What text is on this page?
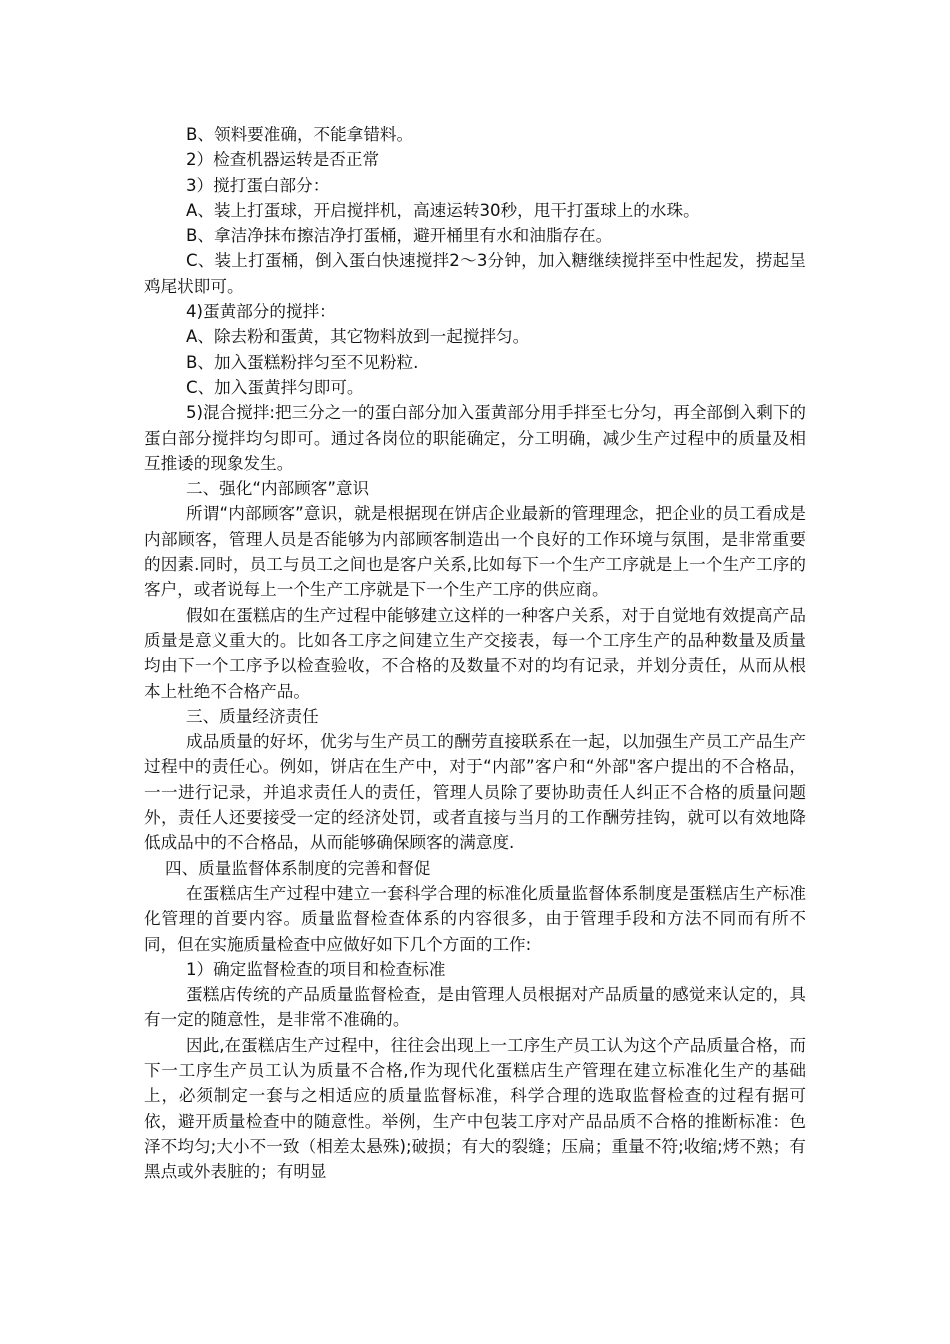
B、领料要准确，不能拿错料。

2）检查机器运转是否正常

3）搅打蛋白部分：

A、装上打蛋球，开启搅拌机，高速运转30秒，甩干打蛋球上的水珠。

B、拿洁净抹布擦洁净打蛋桶，避开桶里有水和油脂存在。

C、装上打蛋桶，倒入蛋白快速搅拌2～3分钟，加入糖继续搅拌至中性起发，捞起呈鸡尾状即可。

4)蛋黄部分的搅拌：

A、除去粉和蛋黄，其它物料放到一起搅拌匀。

B、加入蛋糕粉拌匀至不见粉粒.

C、加入蛋黄拌匀即可。

5)混合搅拌:把三分之一的蛋白部分加入蛋黄部分用手拌至七分匀，再全部倒入剩下的蛋白部分搅拌均匀即可。通过各岗位的职能确定，分工明确，减少生产过程中的质量及相互推诿的现象发生。

二、强化“内部顾客”意识

所谓“内部顾客”意识，就是根据现在饼店企业最新的管理理念，把企业的员工看成是内部顾客，管理人员是否能够为内部顾客制造出一个良好的工作环境与氛围，是非常重要的因素.同时，员工与员工之间也是客户关系,比如每下一个生产工序就是上一个生产工序的客户，或者说每上一个生产工序就是下一个生产工序的供应商。

假如在蛋糕店的生产过程中能够建立这样的一种客户关系，对于自觉地有效提高产品质量是意义重大的。比如各工序之间建立生产交接表，每一个工序生产的品种数量及质量均由下一个工序予以检查验收，不合格的及数量不对的均有记录，并划分责任，从而从根本上杜绝不合格产品。

三、质量经济责任

成品质量的好坏，优劣与生产员工的酬劳直接联系在一起，以加强生产员工产品生产过程中的责任心。例如，饼店在生产中，对于“内部”客户和“外部"客户提出的不合格品，一一进行记录，并追求责任人的责任，管理人员除了要协助责任人纠正不合格的质量问题外，责任人还要接受一定的经济处罚，或者直接与当月的工作酬劳挂钩，就可以有效地降低成品中的不合格品，从而能够确保顾客的满意度.

四、质量监督体系制度的完善和督促

在蛋糕店生产过程中建立一套科学合理的标准化质量监督体系制度是蛋糕店生产标准化管理的首要内容。质量监督检查体系的内容很多，由于管理手段和方法不同而有所不同，但在实施质量检查中应做好如下几个方面的工作:

1）确定监督检查的项目和检查标准

蛋糕店传统的产品质量监督检查，是由管理人员根据对产品质量的感觉来认定的，具有一定的随意性，是非常不准确的。

因此,在蛋糕店生产过程中，往往会出现上一工序生产员工认为这个产品质量合格，而下一工序生产员工认为质量不合格,作为现代化蛋糕店生产管理在建立标准化生产的基础上，必须制定一套与之相适应的质量监督标准，科学合理的选取监督检查的过程有据可依，避开质量检查中的随意性。举例，生产中包装工序对产品品质不合格的推断标准：色泽不均匀;大小不一致（相差太悬殊);破损；有大的裂缝；压扁；重量不符;收缩;烤不熟；有黑点或外表脏的；有明显
